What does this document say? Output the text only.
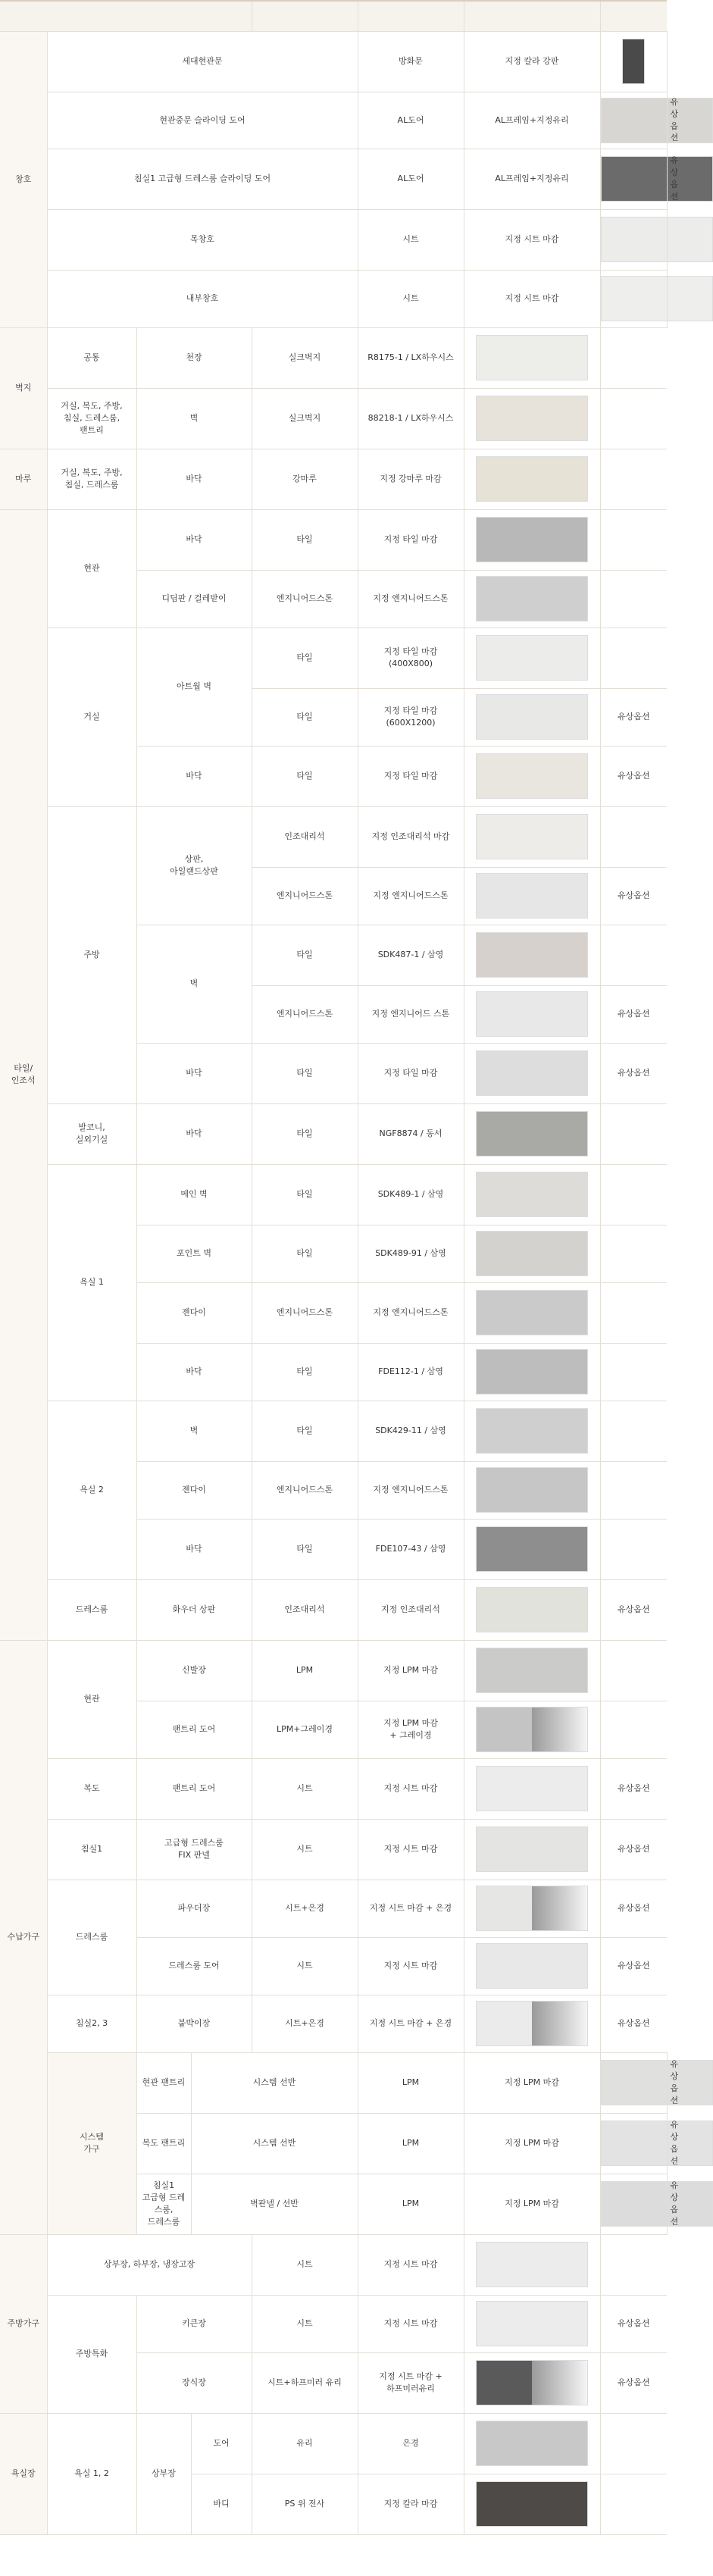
창호	세대현관문				방화문	지정 칼라 강판	

	현관중문 슬라이딩 도어				AL도어	AL프레임+지정유리	

	침실1 고급형 드레스룸 슬라이딩 도어				AL도어	AL프레임+지정유리	

	목창호				시트	지정 시트 마감	

	내부창호				시트	지정 시트 마감	

벽지	공통	천장		실크벽지	R8175-1 / LX하우시스		

	거실, 복도, 주방,
침실, 드레스룸,
팬트리	벽		실크벽지	88218-1 / LX하우시스		

마루	거실, 복도, 주방,
침실, 드레스룸	바닥		강마루	지정 강마루 마감		

타일/
인조석	현관	바닥		타일	지정 타일 마감		

		디딤판 / 걸레받이		엔지니어드스톤	지정 엔지니어드스톤		

	거실	아트월 벽		타일	지정 타일 마감
(400X800)		

				타일	지정 타일 마감
(600X1200)		유상옵션	
		바닥		타일	지정 타일 마감		유상옵션	
	주방	상판,
아일랜드상판		인조대리석	지정 인조대리석 마감		

				엔지니어드스톤	지정 엔지니어드스톤		유상옵션	
		벽		타일	SDK487-1 / 삼영		

				엔지니어드스톤	지정 엔지니어드 스톤		유상옵션	
		바닥		타일	지정 타일 마감		유상옵션	
	발코니,
실외기실	바닥		타일	NGF8874 / 동서		

	욕실 1	메인 벽		타일	SDK489-1 / 삼영		

		포인트 벽		타일	SDK489-91 / 삼영		

		젠다이		엔지니어드스톤	지정 엔지니어드스톤		

		바닥		타일	FDE112-1 / 삼영		

	욕실 2	벽		타일	SDK429-11 / 삼영		

		젠다이		엔지니어드스톤	지정 엔지니어드스톤		

		바닥		타일	FDE107-43 / 삼영		

	드레스룸	화우더 상판		인조대리석	지정 인조대리석		유상옵션	
수납가구	현관	신발장		LPM	지정 LPM 마감		

		팬트리 도어		LPM+그레이경	지정 LPM 마감
+ 그레이경		

	복도	팬트리 도어		시트	지정 시트 마감		유상옵션	
	침실1	고급형 드레스룸
FIX 판넬		시트	지정 시트 마감		유상옵션	
	드레스룸	파우더장		시트+은경	지정 시트 마감 + 은경		유상옵션	
		드레스룸 도어		시트	지정 시트 마감		유상옵션	
	침실2, 3	붙박이장		시트+은경	지정 시트 마감 + 은경		유상옵션	
	시스템
가구	현관 팬트리	시스템 선반		LPM	지정 LPM 마감	

		복도 팬트리	시스템 선반		LPM	지정 LPM 마감	

		침실1
고급형 드레스룸,
드레스룸	벽판넬 / 선반		LPM	지정 LPM 마감	

주방가구	상부장, 하부장, 냉장고장			시트	지정 시트 마감		

	주방특화	키큰장		시트	지정 시트 마감		유상옵션	
		장식장		시트+하프미러 유리	지정 시트 마감 +
하프미러유리		유상옵션	
욕실장	욕실 1, 2	상부장	도어	유리	은경		

			바디	PS 위 전사	지정 칼라 마감		
